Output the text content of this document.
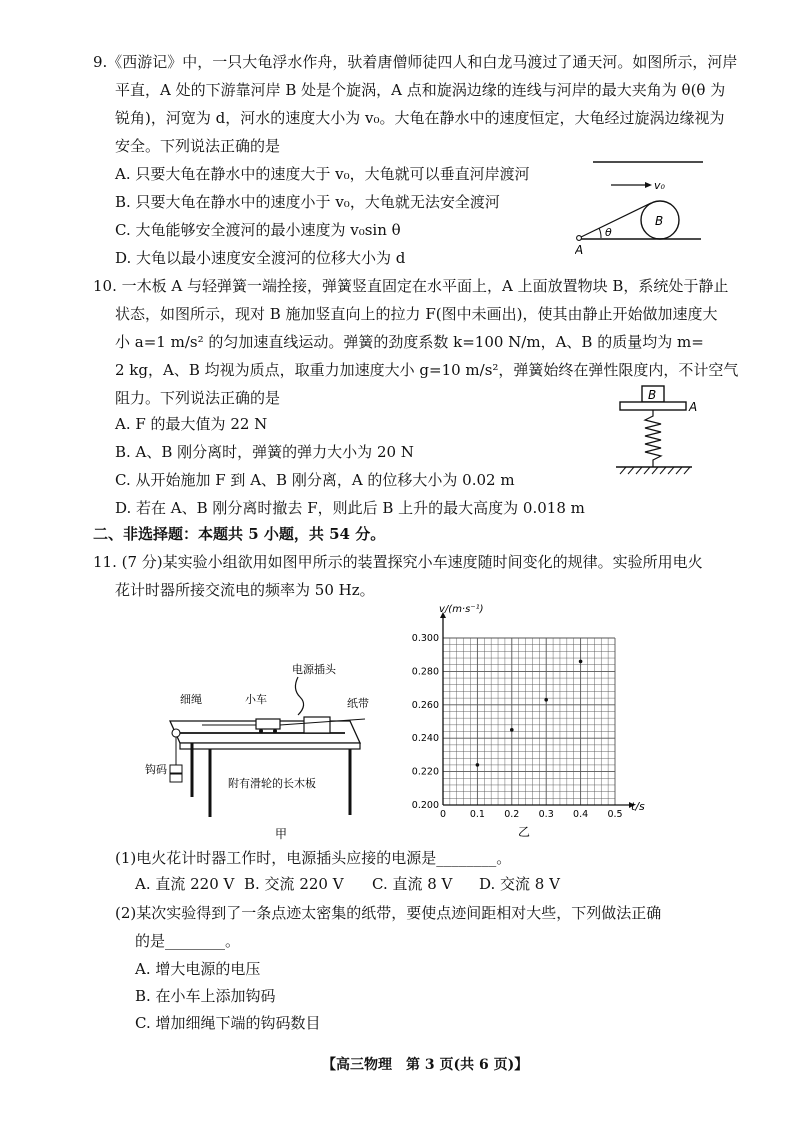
9.《西游记》中，一只大龟浮水作舟，驮着唐僧师徒四人和白龙马渡过了通天河。如图所示，河岸
平直，A 处的下游靠河岸 B 处是个旋涡，A 点和旋涡边缘的连线与河岸的最大夹角为 θ(θ 为
锐角)，河宽为 d，河水的速度大小为 v₀。大龟在静水中的速度恒定，大龟经过旋涡边缘视为
安全。下列说法正确的是
A. 只要大龟在静水中的速度大于 v₀，大龟就可以垂直河岸渡河
B. 只要大龟在静水中的速度小于 v₀，大龟就无法安全渡河
C. 大龟能够安全渡河的最小速度为 v₀sin θ
D. 大龟以最小速度安全渡河的位移大小为 d
v₀
B
θ
A
10. 一木板 A 与轻弹簧一端拴接，弹簧竖直固定在水平面上，A 上面放置物块 B，系统处于静止
状态，如图所示，现对 B 施加竖直向上的拉力 F(图中未画出)，使其由静止开始做加速度大
小 a=1 m/s² 的匀加速直线运动。弹簧的劲度系数 k=100 N/m，A、B 的质量均为 m=
2 kg，A、B 均视为质点，取重力加速度大小 g=10 m/s²，弹簧始终在弹性限度内，不计空气
阻力。下列说法正确的是
A. F 的最大值为 22 N
B. A、B 刚分离时，弹簧的弹力大小为 20 N
C. 从开始施加 F 到 A、B 刚分离，A 的位移大小为 0.02 m
D. 若在 A、B 刚分离时撤去 F，则此后 B 上升的最大高度为 0.018 m
B
A
二、非选择题：本题共 5 小题，共 54 分。
11. (7 分)某实验小组欲用如图甲所示的装置探究小车速度随时间变化的规律。实验所用电火
花计时器所接交流电的频率为 50 Hz。
电源插头
细绳	小车	纸带
钩码
附有滑轮的长木板
甲
0.200
0.220
0.240
0.260
0.280
0.300
0	0.1 0.2 0.3 0.4 0.5
v/(m·s⁻¹)
t/s
乙
(1)电火花计时器工作时，电源插头应接的电源是________。
A. 直流 220 V B. 交流 220 V C. 直流 8 V D. 交流 8 V
(2)某次实验得到了一条点迹太密集的纸带，要使点迹间距相对大些，下列做法正确
的是________。
A. 增大电源的电压
B. 在小车上添加钩码
C. 增加细绳下端的钩码数目
【高三物理　第 3 页(共 6 页)】
